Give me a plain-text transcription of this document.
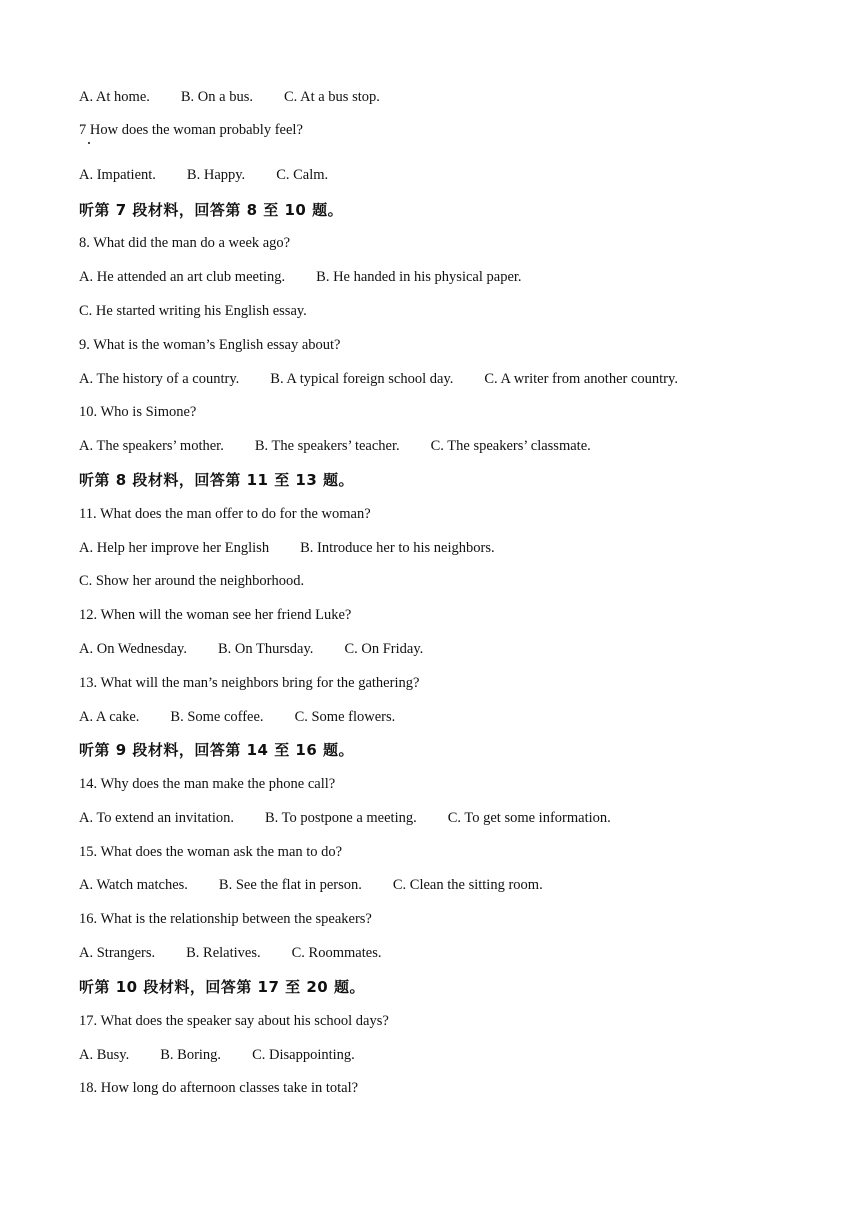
A. At home. B. On a bus. C. At a bus stop.
7 How does the woman probably feel?
A. Impatient. B. Happy. C. Calm.
听第 7 段材料，回答第 8 至 10 题。
8. What did the man do a week ago?
A. He attended an art club meeting. B. He handed in his physical paper.
C. He started writing his English essay.
9. What is the woman’s English essay about?
A. The history of a country. B. A typical foreign school day. C. A writer from another country.
10. Who is Simone?
A. The speakers’ mother. B. The speakers’ teacher. C. The speakers’ classmate.
听第 8 段材料，回答第 11 至 13 题。
11. What does the man offer to do for the woman?
A. Help her improve her English B. Introduce her to his neighbors.
C. Show her around the neighborhood.
12. When will the woman see her friend Luke?
A. On Wednesday. B. On Thursday. C. On Friday.
13. What will the man’s neighbors bring for the gathering?
A. A cake. B. Some coffee. C. Some flowers.
听第 9 段材料，回答第 14 至 16 题。
14. Why does the man make the phone call?
A. To extend an invitation. B. To postpone a meeting. C. To get some information.
15. What does the woman ask the man to do?
A. Watch matches. B. See the flat in person. C. Clean the sitting room.
16. What is the relationship between the speakers?
A. Strangers. B. Relatives. C. Roommates.
听第 10 段材料，回答第 17 至 20 题。
17. What does the speaker say about his school days?
A. Busy. B. Boring. C. Disappointing.
18. How long do afternoon classes take in total?
